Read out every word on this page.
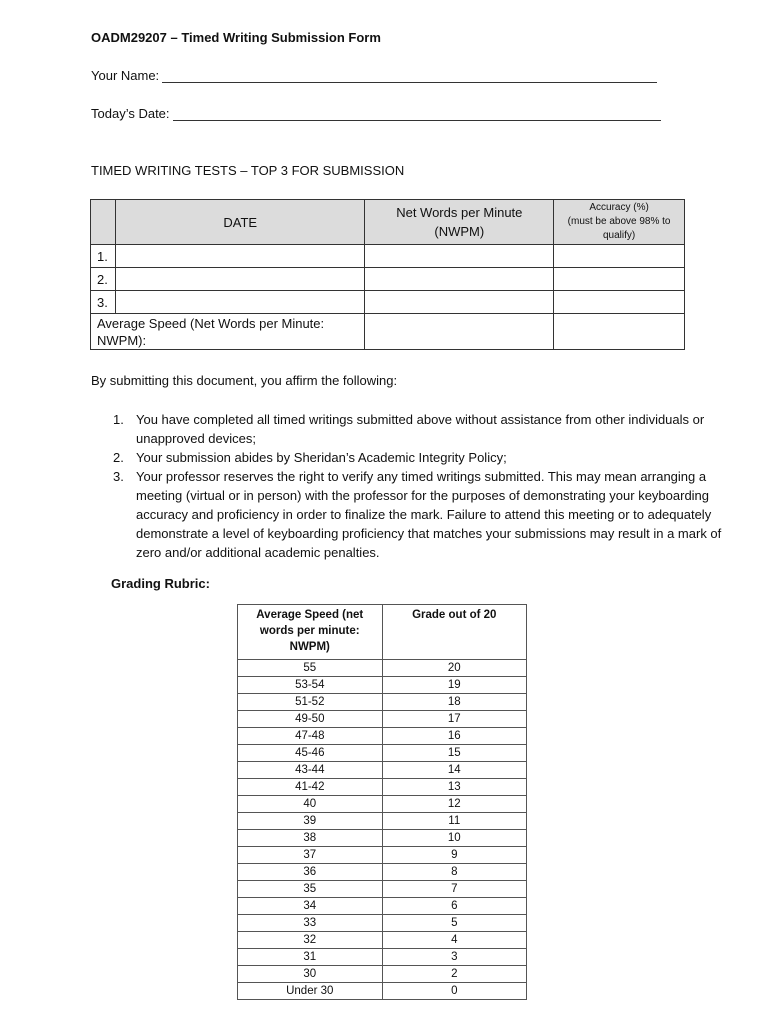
OADM29207 – Timed Writing Submission Form
Your Name:
Today’s Date:
TIMED WRITING TESTS – TOP 3 FOR SUBMISSION
	DATE	Net Words per Minute (NWPM)	Accuracy (%)
(must be above 98% to qualify)

1.			
2.			
3.			
Average Speed (Net Words per Minute: NWPM):			
By submitting this document, you affirm the following:
1. You have completed all timed writings submitted above without assistance from other individuals or unapproved devices;
2. Your submission abides by Sheridan’s Academic Integrity Policy;
3. Your professor reserves the right to verify any timed writings submitted. This may mean arranging a meeting (virtual or in person) with the professor for the purposes of demonstrating your keyboarding accuracy and proficiency in order to finalize the mark. Failure to attend this meeting or to adequately demonstrate a level of keyboarding proficiency that matches your submissions may result in a mark of zero and/or additional academic penalties.
Grading Rubric:
Average Speed (net words per minute: NWPM)	Grade out of 20
55	20
53-54	19
51-52	18
49-50	17
47-48	16
45-46	15
43-44	14
41-42	13
40	12
39	11
38	10
37	9
36	8
35	7
34	6
33	5
32	4
31	3
30	2
Under 30	0
